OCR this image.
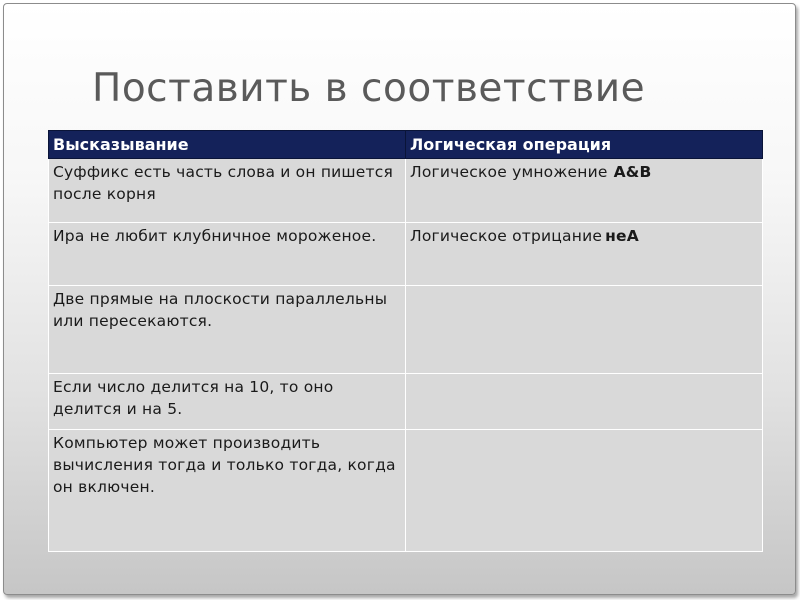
Поставить в соответствие
Высказывание	Логическая операция
Суффикс есть часть слова и он пишется после корня	Логическое умножение A&B
Ира не любит клубничное мороженое.	Логическое отрицание неА
Две прямые на плоскости параллельны или пересекаются.	
Если число делится на 10, то оно делится и на 5.	
Компьютер может производить вычисления тогда и только тогда, когда он включен.	
